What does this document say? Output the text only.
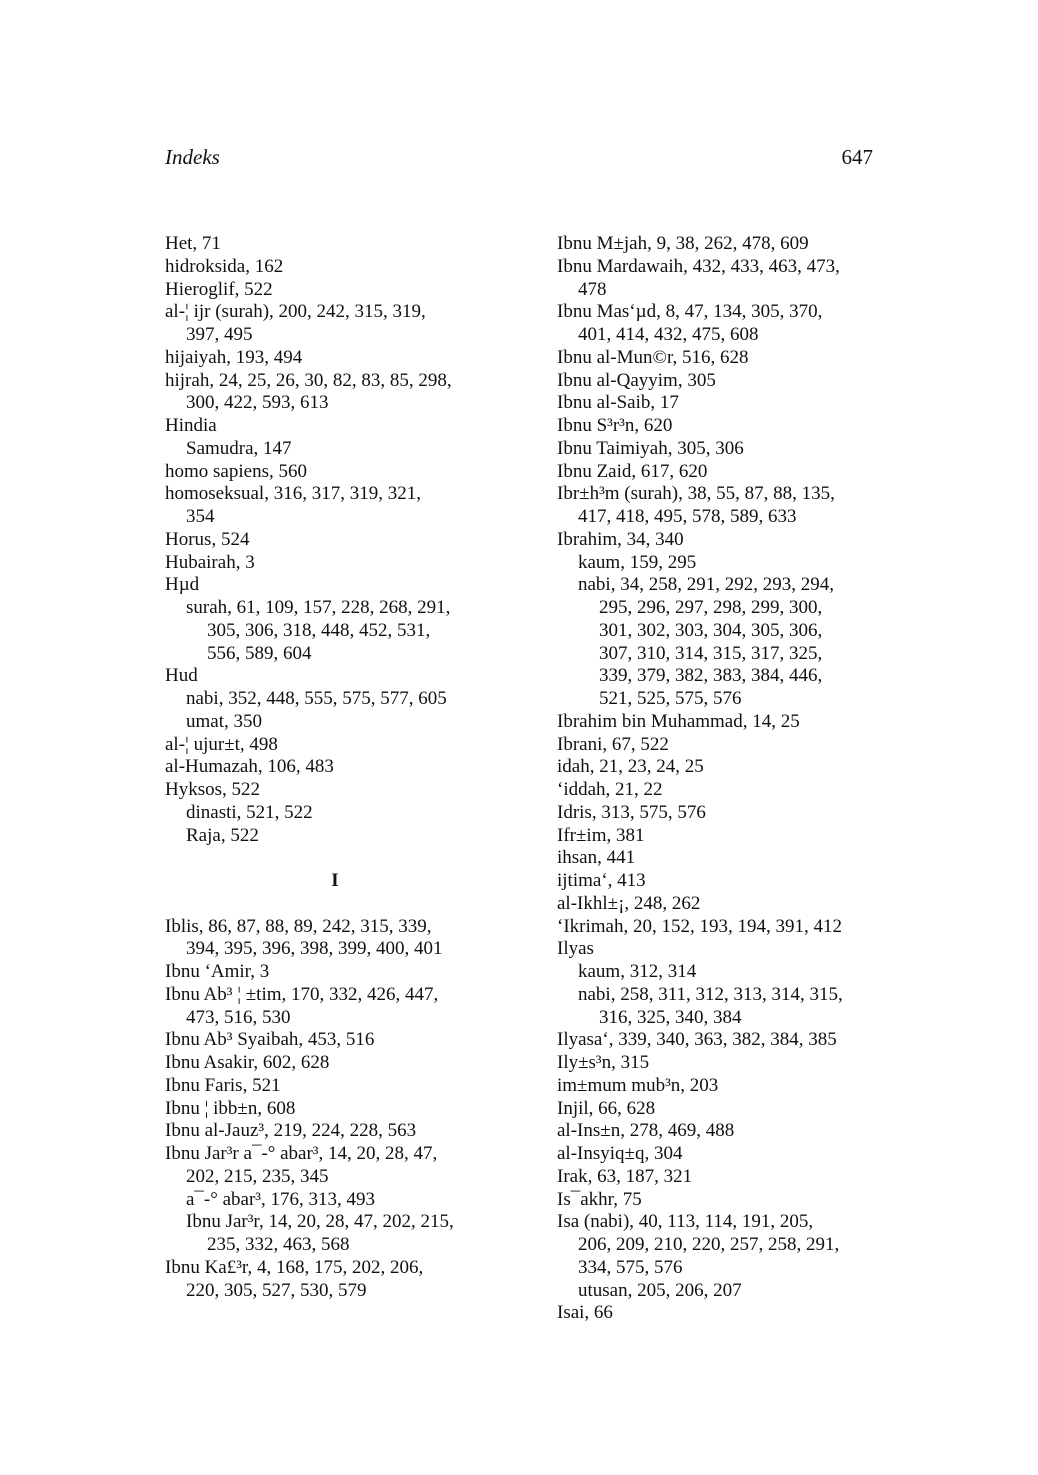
Indeks	647
Het, 71
hidroksida, 162
Hieroglif, 522
al-¦ ijr (surah), 200, 242, 315, 319,
397, 495
hijaiyah, 193, 494
hijrah, 24, 25, 26, 30, 82, 83, 85, 298,
300, 422, 593, 613
Hindia
Samudra, 147
homo sapiens, 560
homoseksual, 316, 317, 319, 321,
354
Horus, 524
Hubairah, 3
Hµd
surah, 61, 109, 157, 228, 268, 291,
305, 306, 318, 448, 452, 531,
556, 589, 604
Hud
nabi, 352, 448, 555, 575, 577, 605
umat, 350
al-¦ ujur±t, 498
al-Humazah, 106, 483
Hyksos, 522
dinasti, 521, 522
Raja, 522
I
Iblis, 86, 87, 88, 89, 242, 315, 339,
394, 395, 396, 398, 399, 400, 401
Ibnu ‘Amir, 3
Ibnu Ab³ ¦ ±tim, 170, 332, 426, 447,
473, 516, 530
Ibnu Ab³ Syaibah, 453, 516
Ibnu Asakir, 602, 628
Ibnu Faris, 521
Ibnu ¦ ibb±n, 608
Ibnu al-Jauz³, 219, 224, 228, 563
Ibnu Jar³r a¯-° abar³, 14, 20, 28, 47,
202, 215, 235, 345
a¯-° abar³, 176, 313, 493
Ibnu Jar³r, 14, 20, 28, 47, 202, 215,
235, 332, 463, 568
Ibnu Ka£³r, 4, 168, 175, 202, 206,
220, 305, 527, 530, 579
Ibnu M±jah, 9, 38, 262, 478, 609
Ibnu Mardawaih, 432, 433, 463, 473,
478
Ibnu Mas‘µd, 8, 47, 134, 305, 370,
401, 414, 432, 475, 608
Ibnu al-Mun©r, 516, 628
Ibnu al-Qayyim, 305
Ibnu al-Saib, 17
Ibnu S³r³n, 620
Ibnu Taimiyah, 305, 306
Ibnu Zaid, 617, 620
Ibr±h³m (surah), 38, 55, 87, 88, 135,
417, 418, 495, 578, 589, 633
Ibrahim, 34, 340
kaum, 159, 295
nabi, 34, 258, 291, 292, 293, 294,
295, 296, 297, 298, 299, 300,
301, 302, 303, 304, 305, 306,
307, 310, 314, 315, 317, 325,
339, 379, 382, 383, 384, 446,
521, 525, 575, 576
Ibrahim bin Muhammad, 14, 25
Ibrani, 67, 522
idah, 21, 23, 24, 25
‘iddah, 21, 22
Idris, 313, 575, 576
Ifr±im, 381
ihsan, 441
ijtima‘, 413
al-Ikhl±¡, 248, 262
‘Ikrimah, 20, 152, 193, 194, 391, 412
Ilyas
kaum, 312, 314
nabi, 258, 311, 312, 313, 314, 315,
316, 325, 340, 384
Ilyasa‘, 339, 340, 363, 382, 384, 385
Ily±s³n, 315
im±mum mub³n, 203
Injil, 66, 628
al-Ins±n, 278, 469, 488
al-Insyiq±q, 304
Irak, 63, 187, 321
Is¯akhr, 75
Isa (nabi), 40, 113, 114, 191, 205,
206, 209, 210, 220, 257, 258, 291,
334, 575, 576
utusan, 205, 206, 207
Isai, 66
